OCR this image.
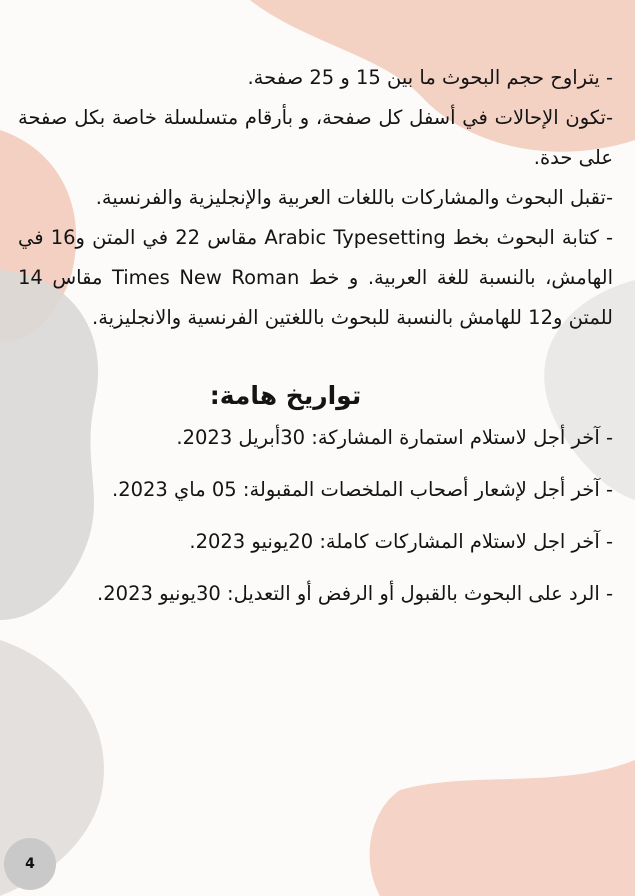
- يتراوح حجم البحوث ما بين 15 و 25 صفحة.

-تكون الإحالات في أسفل كل صفحة، و بأرقام متسلسلة خاصة بكل صفحة على حدة.

-تقبل البحوث والمشاركات باللغات العربية والإنجليزية والفرنسية.

- كتابة البحوث بخط Arabic Typesetting مقاس 22 في المتن و16 في الهامش، بالنسبة للغة العربية. و خط Times New Roman مقاس 14 للمتن و12 للهامش بالنسبة للبحوث باللغتين الفرنسية والانجليزية.

تواريخ هامة:
- آخر أجل لاستلام استمارة المشاركة: 30أبريل 2023.
- آخر أجل لإشعار أصحاب الملخصات المقبولة: 05 ماي 2023.
- آخر اجل لاستلام المشاركات كاملة: 20يونيو 2023.
- الرد على البحوث بالقبول أو الرفض أو التعديل: 30يونيو 2023.
4
